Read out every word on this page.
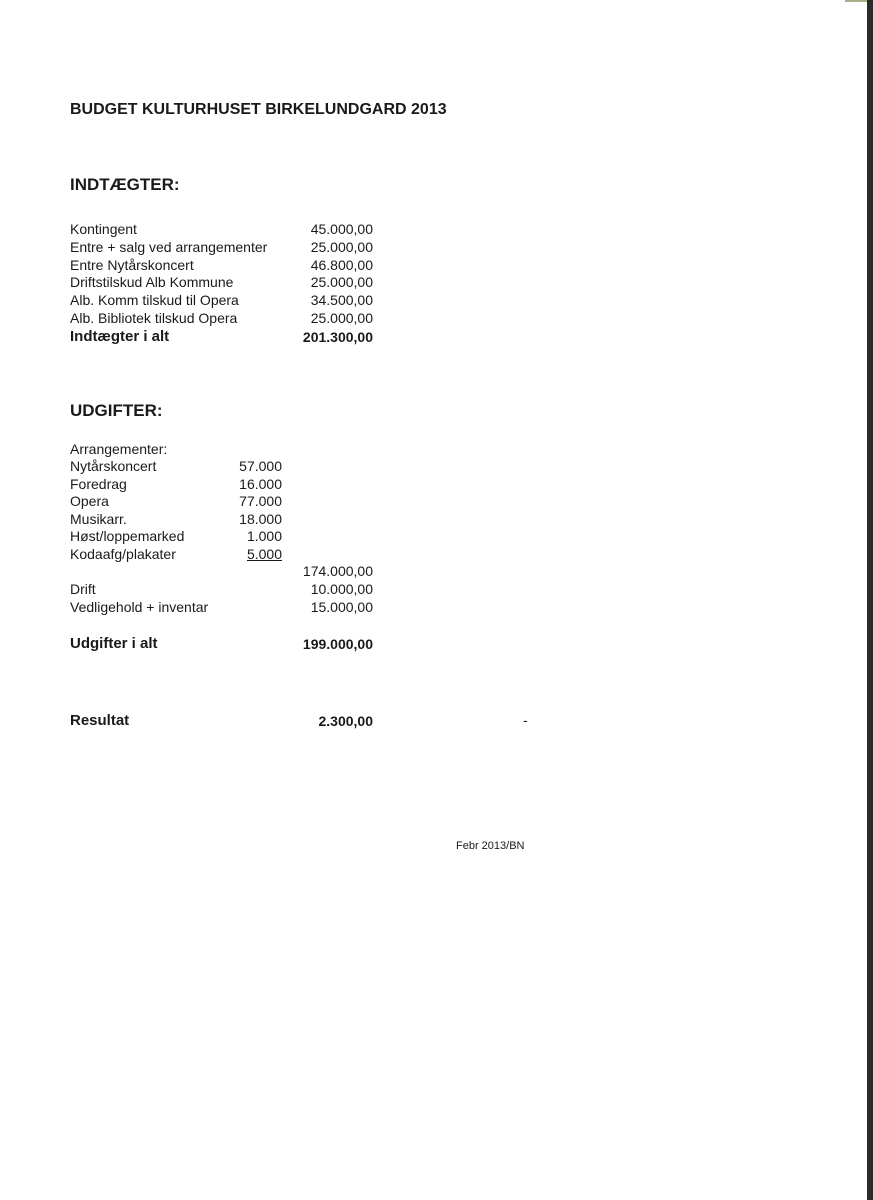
BUDGET KULTURHUSET BIRKELUNDGARD 2013
INDTÆGTER:
Kontingent	45.000,00
Entre + salg ved arrangementer	25.000,00
Entre Nytårskoncert	46.800,00
Driftstilskud Alb Kommune	25.000,00
Alb. Komm tilskud til Opera	34.500,00
Alb. Bibliotek tilskud Opera	25.000,00
Indtægter i alt	201.300,00
UDGIFTER:
Arrangementer:
Nytårskoncert	57.000
Foredrag	16.000
Opera	77.000
Musikarr.	18.000
Høst/loppemarked	1.000
Kodaafg/plakater	5.000
174.000,00
Drift	10.000,00
Vedligehold + inventar	15.000,00
Udgifter i alt	199.000,00
Resultat	2.300,00	-
Febr 2013/BN
